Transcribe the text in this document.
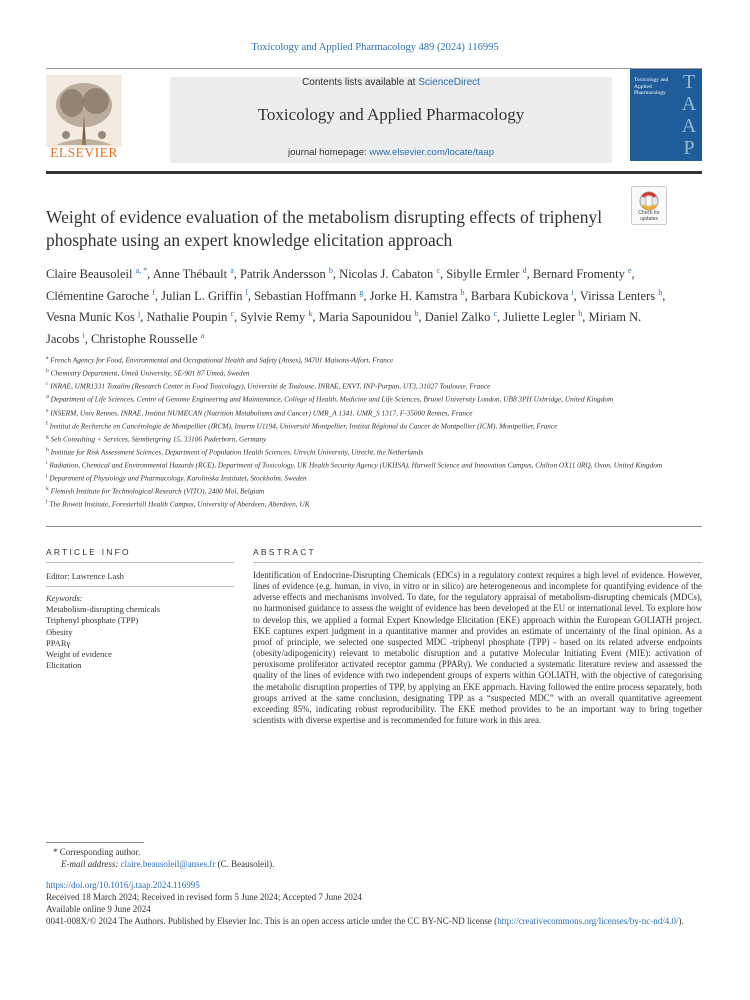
Toxicology and Applied Pharmacology 489 (2024) 116995
ELSEVIER
Contents lists available at ScienceDirect
Toxicology and Applied Pharmacology
journal homepage: www.elsevier.com/locate/taap
Toxicology and Applied Pharmacology T
A
A
P
Check for updates
Weight of evidence evaluation of the metabolism disrupting effects of triphenyl phosphate using an expert knowledge elicitation approach
Claire Beausoleil $^{a, *}$, Anne Thébault $^a$, Patrik Andersson $^b$, Nicolas J. Cabaton $^c$, Sibylle Ermler $^d$, Bernard Fromenty $^e$, Clémentine Garoche $^f$, Julian L. Griffin $^l$, Sebastian Hoffmann $^g$, Jorke H. Kamstra $^h$, Barbara Kubickova $^i$, Virissa Lenters $^h$, Vesna Munic Kos $^j$, Nathalie Poupin $^c$, Sylvie Remy $^k$, Maria Sapounidou $^b$, Daniel Zalko $^c$, Juliette Legler $^h$, Miriam N. Jacobs $^i$, Christophe Rousselle $^a$
$^a$ French Agency for Food, Environmental and Occupational Health and Safety (Anses), 94701 Maisons-Alfort, France
$^b$ Chemistry Department, Umeå University, SE-901 87 Umeå, Sweden
$^c$ INRAE, UMR1331 Toxalim (Research Center in Food Toxicology), Université de Toulouse, INRAE, ENVT, INP-Purpan, UT3, 31027 Toulouse, France
$^d$ Department of Life Sciences, Centre of Genome Engineering and Maintenance, College of Health, Medicine and Life Sciences, Brunel University London, UB8 3PH Uxbridge, United Kingdom
$^e$ INSERM, Univ Rennes, INRAE, Institut NUMECAN (Nutrition Metabolisms and Cancer) UMR_A 1341, UMR_S 1317, F-35000 Rennes, France
$^f$ Institut de Recherche en Cancérologie de Montpellier (IRCM), Inserm U1194, Université Montpellier, Institut Régional du Cancer de Montpellier (ICM), Montpellier, France
$^g$ Seh Consulting + Services, Stembergring 15, 33106 Paderborn, Germany
$^h$ Institute for Risk Assessment Sciences, Department of Population Health Sciences, Utrecht University, Utrecht, the Netherlands
$^i$ Radiation, Chemical and Environmental Hazards (RCE), Department of Toxicology, UK Health Security Agency (UKHSA), Harwell Science and Innovation Campus, Chilton OX11 0RQ, Oxon, United Kingdom
$^j$ Department of Physiology and Pharmacology, Karolinska Institutet, Stockholm, Sweden
$^k$ Flemish Institute for Technological Research (VITO), 2400 Mol, Belgium
$^l$ The Rowett Institute, Foresterhill Health Campus, University of Aberdeen, Aberdeen, UK
ARTICLE INFO	ABSTRACT
Editor: Lawrence Lash
Keywords:
Metabolism-disrupting chemicals
Triphenyl phosphate (TPP)
Obesity
PPARγ
Weight of evidence
Elicitation
Identification of Endocrine-Disrupting Chemicals (EDCs) in a regulatory context requires a high level of evidence. However, lines of evidence (e.g. human, in vivo, in vitro or in silico) are heterogeneous and incomplete for quantifying evidence of the adverse effects and mechanisms involved. To date, for the regulatory appraisal of metabolism-disrupting chemicals (MDCs), no harmonised guidance to assess the weight of evidence has been developed at the EU or international level. To explore how to develop this, we applied a formal Expert Knowledge Elicitation (EKE) approach within the European GOLIATH project. EKE captures expert judgment in a quantitative manner and provides an estimate of uncertainty of the final opinion. As a proof of principle, we selected one suspected MDC -triphenyl phosphate (TPP) - based on its related adverse endpoints (obesity/adipogenicity) relevant to metabolic disruption and a putative Molecular Initiating Event (MIE): activation of peroxisome proliferator activated receptor gamma (PPARγ). We conducted a systematic literature review and assessed the quality of the lines of evidence with two independent groups of experts within GOLIATH, with the objective of categorising the metabolic disruption properties of TPP, by applying an EKE approach. Having followed the entire process separately, both groups arrived at the same conclusion, designating TPP as a “suspected MDC” with an overall quantitative agreement exceeding 85%, indicating robust reproducibility. The EKE method provides to be an important way to bring together scientists with diverse expertise and is recommended for future work in this area.
* Corresponding author.
E-mail address: claire.beausoleil@anses.fr (C. Beausoleil).
https://doi.org/10.1016/j.taap.2024.116995
Received 18 March 2024; Received in revised form 5 June 2024; Accepted 7 June 2024
Available online 9 June 2024
0041-008X/© 2024 The Authors. Published by Elsevier Inc. This is an open access article under the CC BY-NC-ND license (http://creativecommons.org/licenses/by-nc-nd/4.0/).
